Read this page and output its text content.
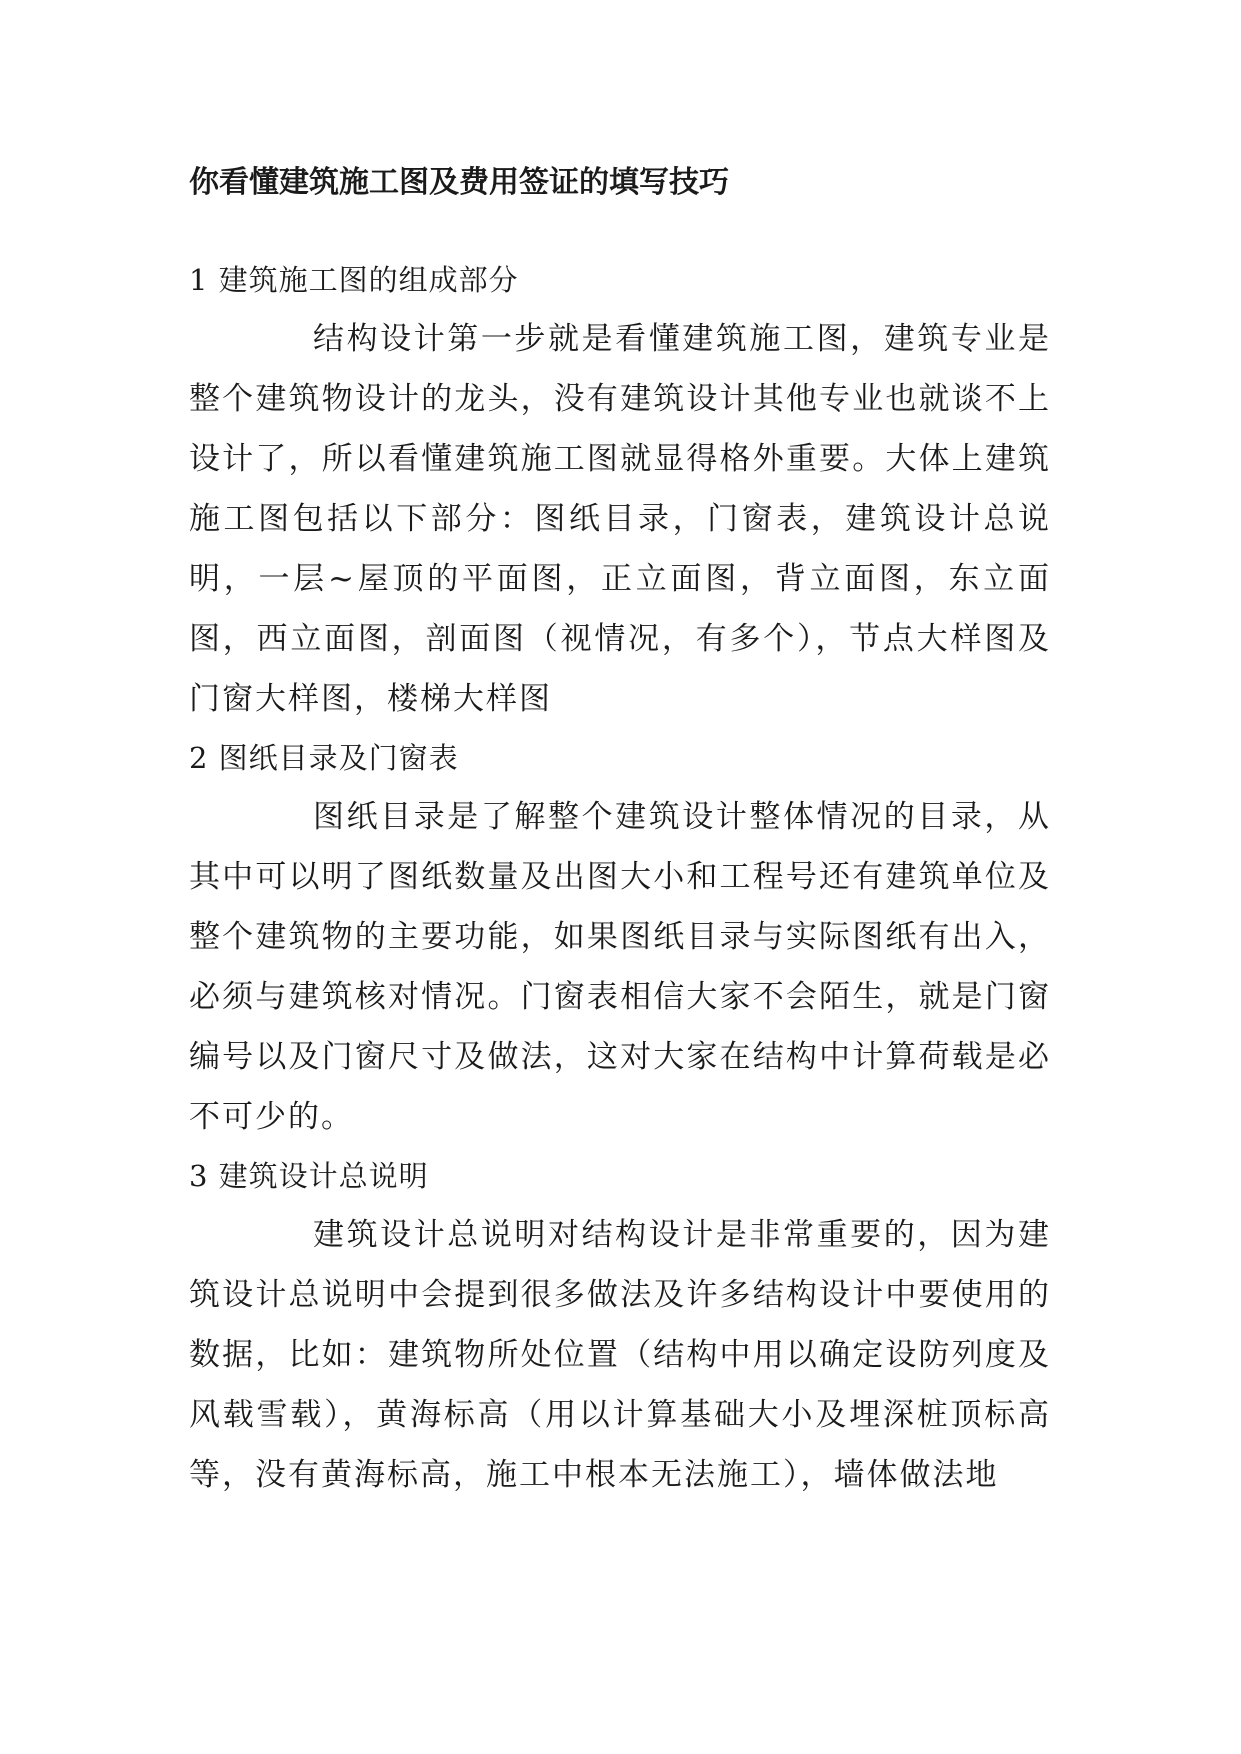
你看懂建筑施工图及费用签证的填写技巧

1 建筑施工图的组成部分

结构设计第一步就是看懂建筑施工图，建筑专业是整个建筑物设计的龙头，没有建筑设计其他专业也就谈不上设计了，所以看懂建筑施工图就显得格外重要。大体上建筑施工图包括以下部分：图纸目录，门窗表，建筑设计总说明，一层~屋顶的平面图，正立面图，背立面图，东立面图，西立面图，剖面图（视情况，有多个），节点大样图及门窗大样图，楼梯大样图

2 图纸目录及门窗表

图纸目录是了解整个建筑设计整体情况的目录，从其中可以明了图纸数量及出图大小和工程号还有建筑单位及整个建筑物的主要功能，如果图纸目录与实际图纸有出入，必须与建筑核对情况。门窗表相信大家不会陌生，就是门窗编号以及门窗尺寸及做法，这对大家在结构中计算荷载是必不可少的。

3 建筑设计总说明

建筑设计总说明对结构设计是非常重要的，因为建筑设计总说明中会提到很多做法及许多结构设计中要使用的数据，比如：建筑物所处位置（结构中用以确定设防列度及风载雪载），黄海标高（用以计算基础大小及埋深桩顶标高等，没有黄海标高，施工中根本无法施工），墙体做法地
